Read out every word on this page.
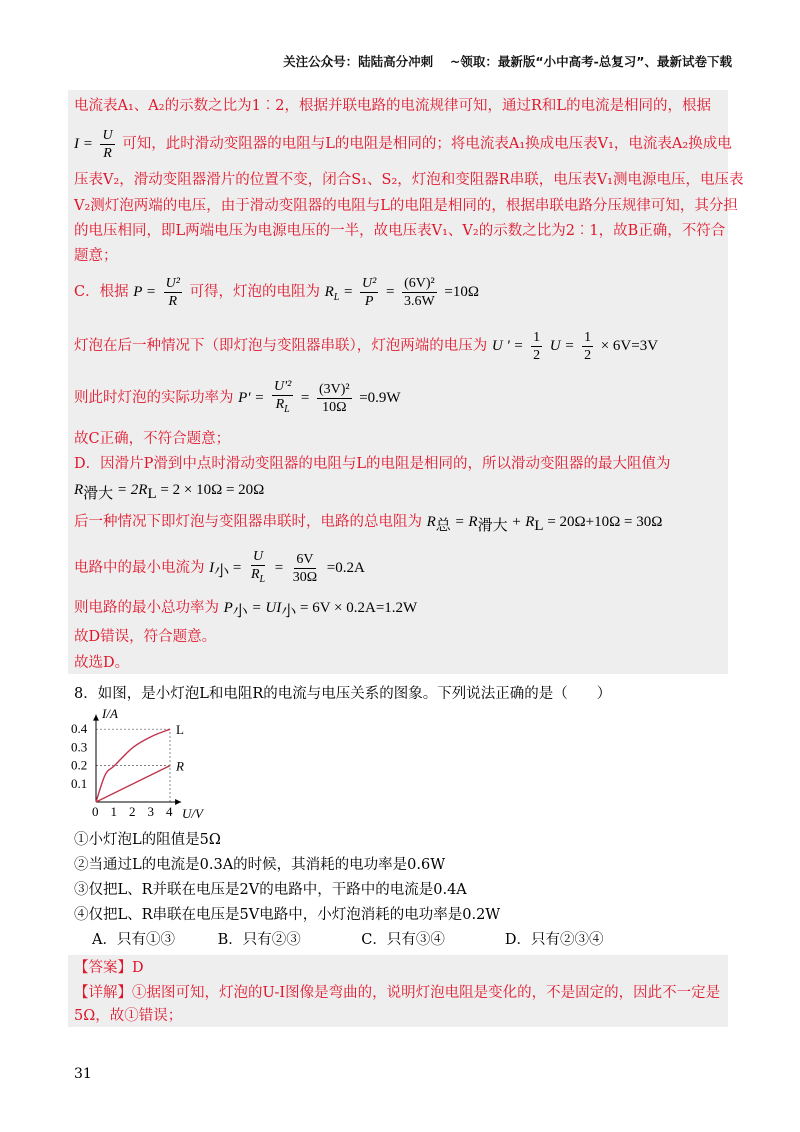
关注公众号：陆陆高分冲刺 ~领取：最新版“小中高考-总复习”、最新试卷下载
电流表A₁、A₂的示数之比为1︰2，根据并联电路的电流规律可知，通过R和L的电流是相同的，根据
$I = \frac{U}{R}$ 可知，此时滑动变阻器的电阻与L的电阻是相同的；将电流表A₁换成电压表V₁，电流表A₂换成电
压表V₂，滑动变阻器滑片的位置不变，闭合S₁、S₂，灯泡和变阻器R串联，电压表V₁测电源电压，电压表
V₂测灯泡两端的电压，由于滑动变阻器的电阻与L的电阻是相同的，根据串联电路分压规律可知，其分担
的电压相同，即L两端电压为电源电压的一半，故电压表V₁、V₂的示数之比为2︰1，故B正确，不符合
题意；
C．根据 $P = \frac{\text{U²}}{R}$ 可得，灯泡的电阻为 $R_L = \frac{\text{U²}}{P} = \frac{\text{(6V)²}}{3.6W} =10\Omega$
灯泡在后一种情况下（即灯泡与变阻器串联），灯泡两端的电压为 U ' = $\frac{1}{2}$ $U = \frac{1}{2} \times 6V=3V$
则此时灯泡的实际功率为 $P' = \frac{\text{U'²}}{R_L} = \frac{\text{(3V)²}}{10\Omega} =0.9W$
故C正确，不符合题意；
D．因滑片P滑到中点时滑动变阻器的电阻与L的电阻是相同的，所以滑动变阻器的最大阻值为
$R_{滑大} = 2R_L = 2 \times 10\Omega = 20\Omega$
后一种情况下即灯泡与变阻器串联时，电路的总电阻为 $R_总 = R_{滑大} + R_L = 20\Omega+10\Omega = 30\Omega$
电路中的最小电流为 $I_小 = \frac{U}{R_L} = \frac{6V}{30\Omega} =0.2A$
则电路的最小总功率为 $P_小 = UI_小 = 6V \times 0.2A=1.2W$
故D错误，符合题意。
故选D。
8．如图，是小灯泡L和电阻R的电流与电压关系的图象。下列说法正确的是（　　）
0 1 2 3 4
0.1
0.2
0.3
0.4
I/A
U/V
L
R
①小灯泡L的阻值是5Ω
②当通过L的电流是0.3A的时候，其消耗的电功率是0.6W
③仅把L、R并联在电压是2V的电路中，干路中的电流是0.4A
④仅把L、R串联在电压是5V电路中，小灯泡消耗的电功率是0.2W
A．只有①③	B．只有②③	C．只有③④	D．只有②③④
【答案】D
【详解】①据图可知，灯泡的U-I图像是弯曲的，说明灯泡电阻是变化的，不是固定的，因此不一定是
5Ω，故①错误；
31
